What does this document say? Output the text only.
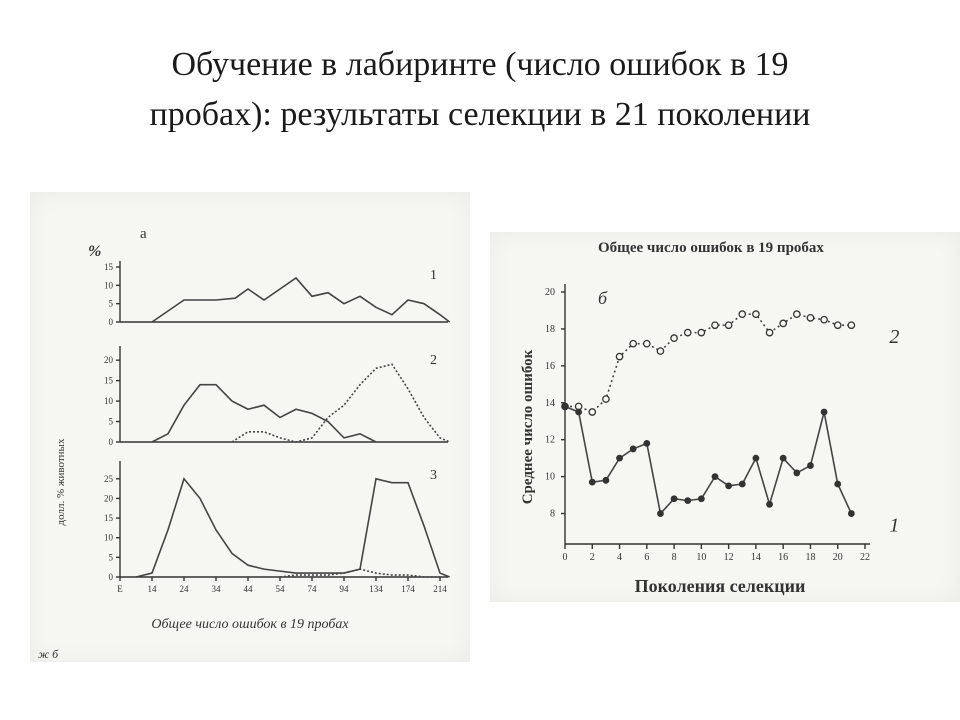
Обучение в лабиринте (число ошибок в 19
пробах): результаты селекции в 21 поколении
а
%
долл. % животных
Общее число ошибок в 19 пробах
ж б
0
5
10
15
1
0
5
10
15
20	2
0
5
10
15
20
25	3
E	14	24	34	44	54	74	94 134 174 214
Общее число ошибок в 19 пробах
б
Среднее число ошибок
Поколения селекции
0 2 4 6 8 10 12 14 16 18 20 22
8
10
12
14
16
18
20
2
1
